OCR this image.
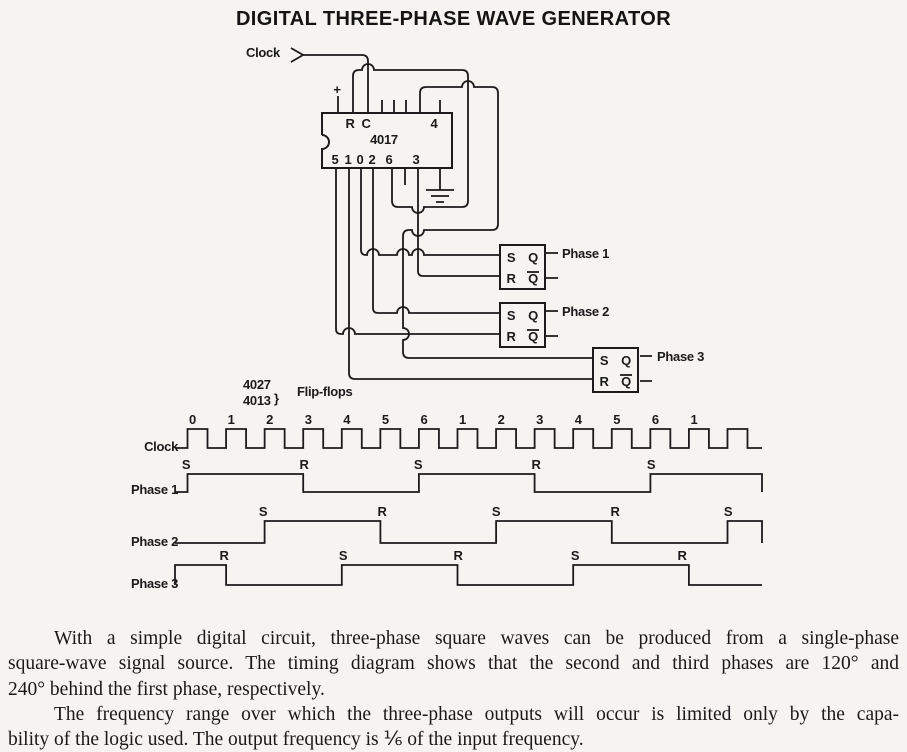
DIGITAL THREE-PHASE WAVE GENERATOR
+
R C	4
4017
5 1 0 2 6 3
Clock
S Q
R Q
Phase 1
S Q
R Q
Phase 2
S Q
R Q
Phase 3
4027
4013 } Flip-flops
Clock
Phase 1
S	R	S	R	S
Phase 2
S	R	S	R	S
Phase 3
R	S	R	S	R
0 1 2 3 4 5 6 1 2 3 4 5 6 1
With a simple digital circuit, three-phase square waves can be produced from a single-phase
square-wave signal source. The timing diagram shows that the second and third phases are 120° and
240° behind the first phase, respectively.
The frequency range over which the three-phase outputs will occur is limited only by the capa-
bility of the logic used. The output frequency is ⅙ of the input frequency.
